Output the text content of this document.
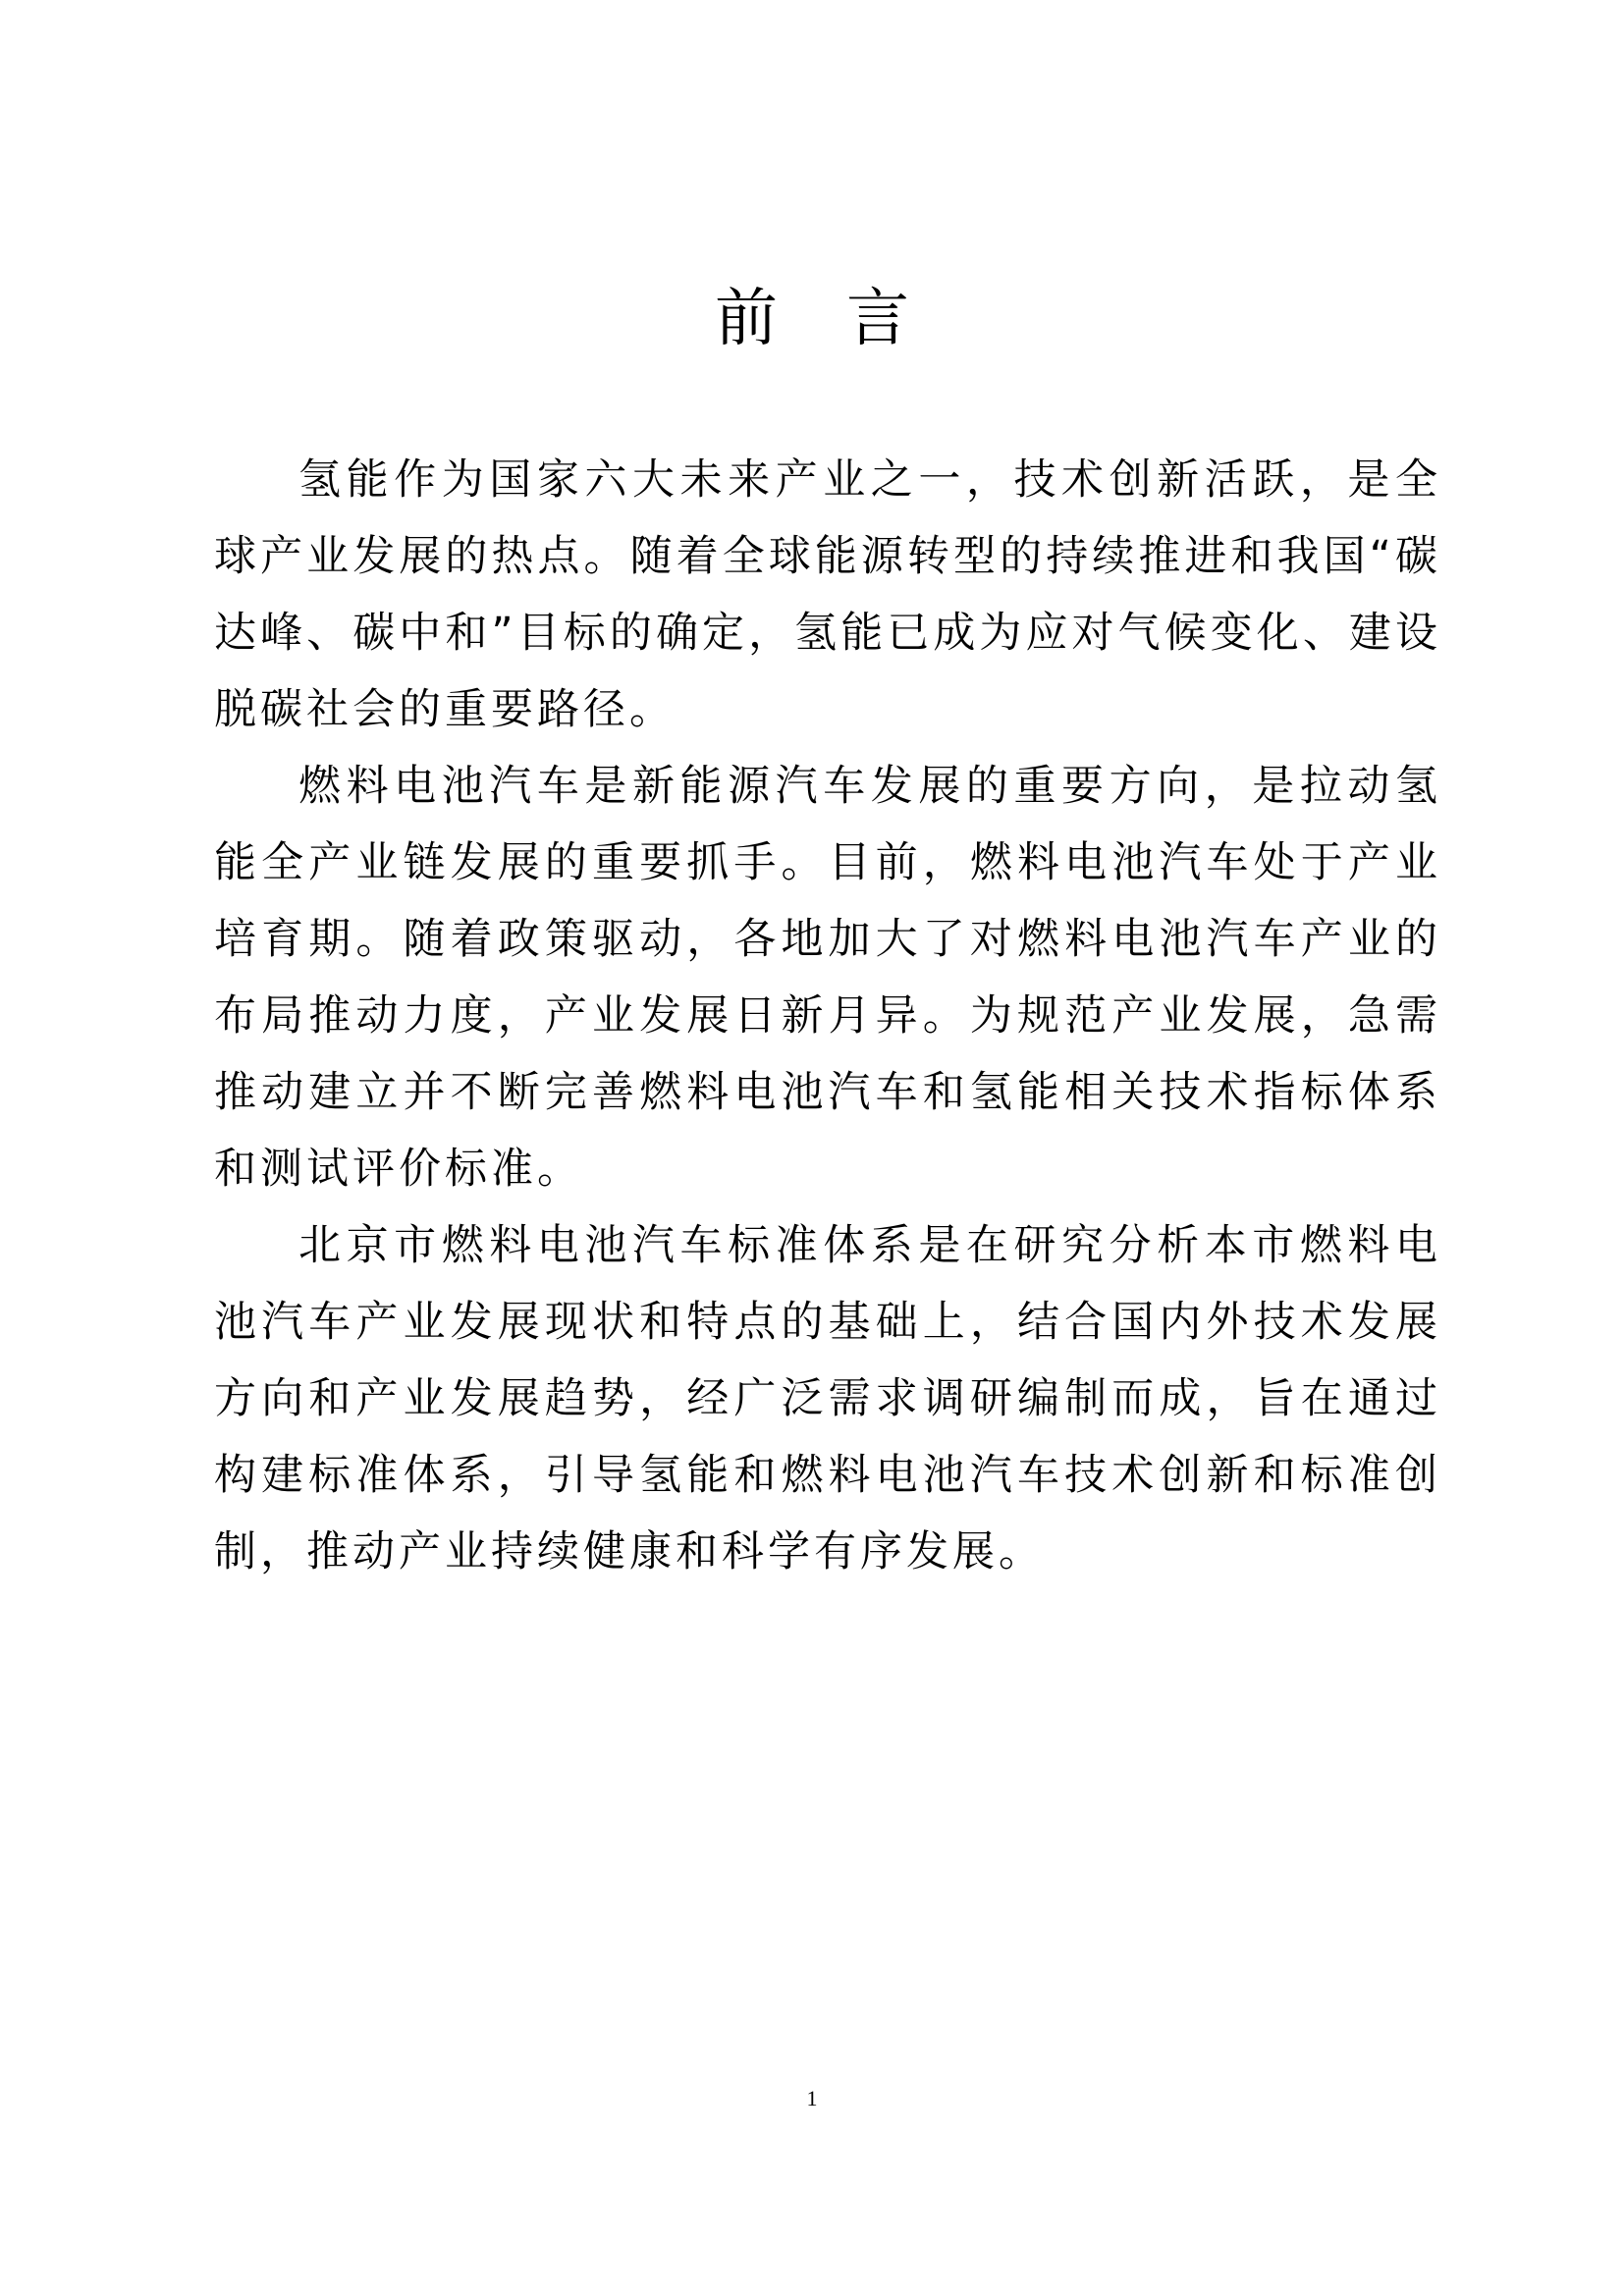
前 言

氢能作为国家六大未来产业之一，技术创新活跃，是全球产业发展的热点。随着全球能源转型的持续推进和我国“碳达峰、碳中和”目标的确定，氢能已成为应对气候变化、建设脱碳社会的重要路径。

燃料电池汽车是新能源汽车发展的重要方向，是拉动氢能全产业链发展的重要抓手。目前，燃料电池汽车处于产业培育期。随着政策驱动，各地加大了对燃料电池汽车产业的布局推动力度，产业发展日新月异。为规范产业发展，急需推动建立并不断完善燃料电池汽车和氢能相关技术指标体系和测试评价标准。

北京市燃料电池汽车标准体系是在研究分析本市燃料电池汽车产业发展现状和特点的基础上，结合国内外技术发展方向和产业发展趋势，经广泛需求调研编制而成，旨在通过构建标准体系，引导氢能和燃料电池汽车技术创新和标准创制，推动产业持续健康和科学有序发展。

1
